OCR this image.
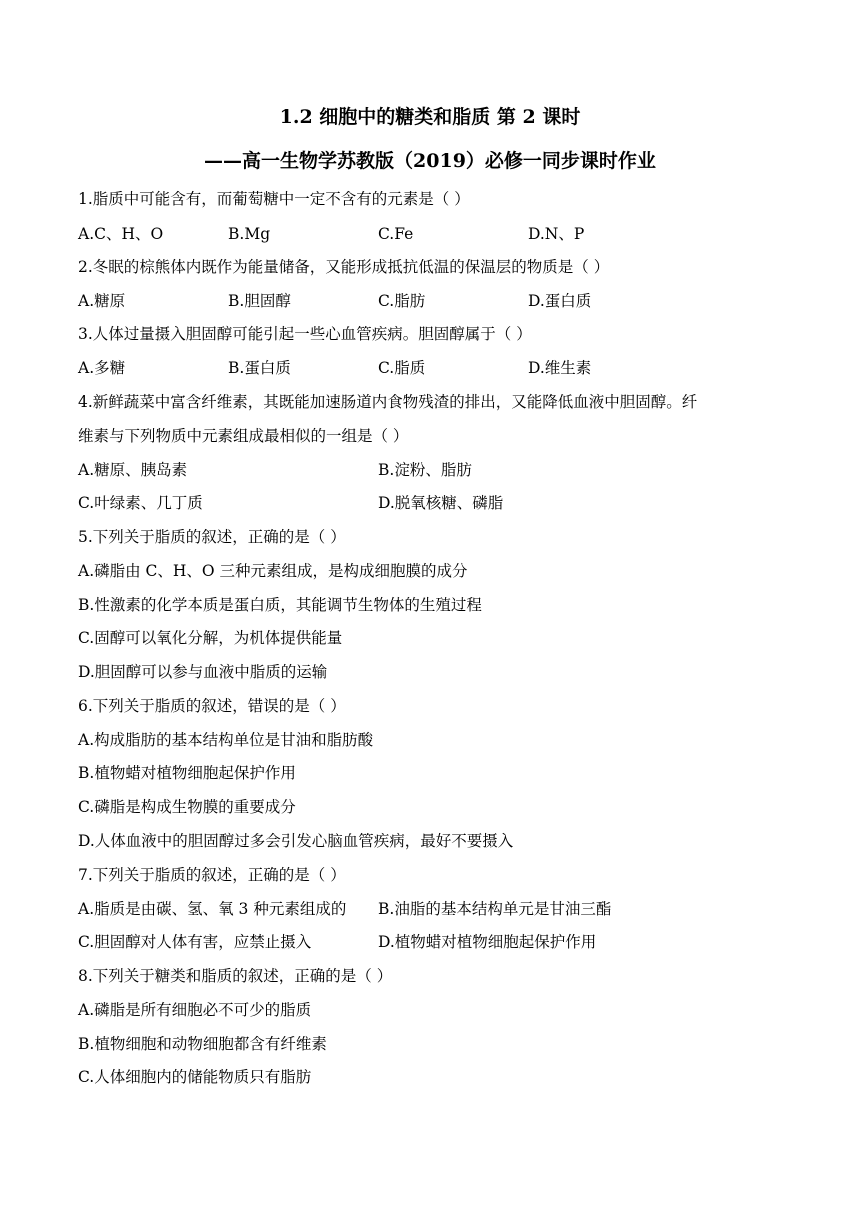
1.2 细胞中的糖类和脂质 第 2 课时
——高一生物学苏教版（2019）必修一同步课时作业
1.脂质中可能含有，而葡萄糖中一定不含有的元素是（ ）
A.C、H、O	B.Mg	C.Fe	D.N、P
2.冬眠的棕熊体内既作为能量储备，又能形成抵抗低温的保温层的物质是（ ）
A.糖原	B.胆固醇	C.脂肪	D.蛋白质
3.人体过量摄入胆固醇可能引起一些心血管疾病。胆固醇属于（ ）
A.多糖	B.蛋白质	C.脂质	D.维生素
4.新鲜蔬菜中富含纤维素，其既能加速肠道内食物残渣的排出，又能降低血液中胆固醇。纤
维素与下列物质中元素组成最相似的一组是（ ）
A.糖原、胰岛素	B.淀粉、脂肪
C.叶绿素、几丁质	D.脱氧核糖、磷脂
5.下列关于脂质的叙述，正确的是（ ）
A.磷脂由 C、H、O 三种元素组成，是构成细胞膜的成分
B.性激素的化学本质是蛋白质，其能调节生物体的生殖过程
C.固醇可以氧化分解，为机体提供能量
D.胆固醇可以参与血液中脂质的运输
6.下列关于脂质的叙述，错误的是（ ）
A.构成脂肪的基本结构单位是甘油和脂肪酸
B.植物蜡对植物细胞起保护作用
C.磷脂是构成生物膜的重要成分
D.人体血液中的胆固醇过多会引发心脑血管疾病，最好不要摄入
7.下列关于脂质的叙述，正确的是（ ）
A.脂质是由碳、氢、氧 3 种元素组成的 B.油脂的基本结构单元是甘油三酯
C.胆固醇对人体有害，应禁止摄入	D.植物蜡对植物细胞起保护作用
8.下列关于糖类和脂质的叙述，正确的是（ ）
A.磷脂是所有细胞必不可少的脂质
B.植物细胞和动物细胞都含有纤维素
C.人体细胞内的储能物质只有脂肪
